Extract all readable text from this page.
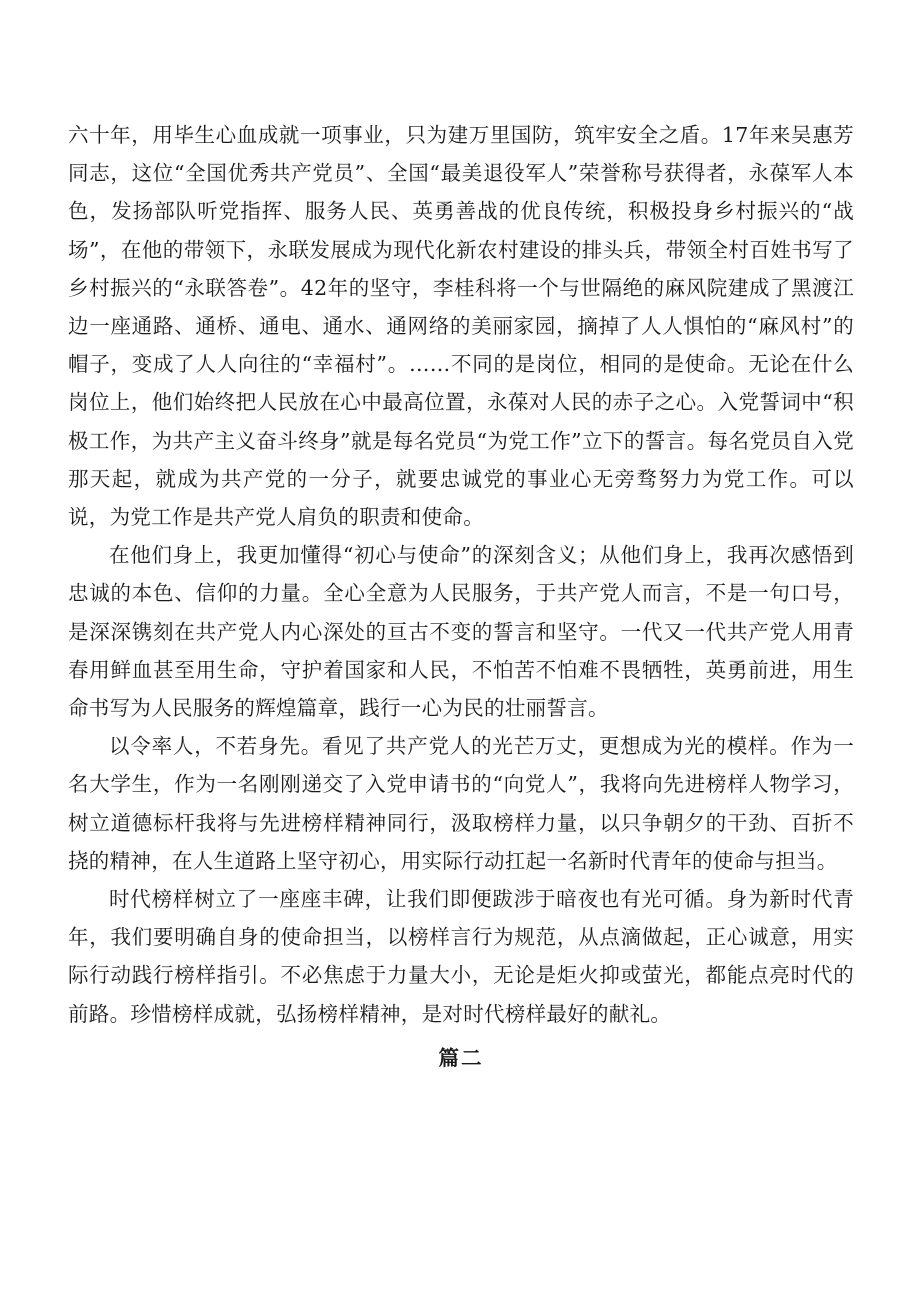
六十年，用毕生心血成就一项事业，只为建万里国防，筑牢安全之盾。17年来吴惠芳同志，这位“全国优秀共产党员”、全国“最美退役军人”荣誉称号获得者，永葆军人本色，发扬部队听党指挥、服务人民、英勇善战的优良传统，积极投身乡村振兴的“战场”，在他的带领下，永联发展成为现代化新农村建设的排头兵，带领全村百姓书写了乡村振兴的“永联答卷”。42年的坚守，李桂科将一个与世隔绝的麻风院建成了黑渡江边一座通路、通桥、通电、通水、通网络的美丽家园，摘掉了人人惧怕的“麻风村”的帽子，变成了人人向往的“幸福村”。……不同的是岗位，相同的是使命。无论在什么岗位上，他们始终把人民放在心中最高位置，永葆对人民的赤子之心。入党誓词中“积极工作，为共产主义奋斗终身”就是每名党员“为党工作”立下的誓言。每名党员自入党那天起，就成为共产党的一分子，就要忠诚党的事业心无旁骛努力为党工作。可以说，为党工作是共产党人肩负的职责和使命。

在他们身上，我更加懂得“初心与使命”的深刻含义；从他们身上，我再次感悟到忠诚的本色、信仰的力量。全心全意为人民服务，于共产党人而言，不是一句口号，是深深镌刻在共产党人内心深处的亘古不变的誓言和坚守。一代又一代共产党人用青春用鲜血甚至用生命，守护着国家和人民，不怕苦不怕难不畏牺牲，英勇前进，用生命书写为人民服务的辉煌篇章，践行一心为民的壮丽誓言。

以令率人，不若身先。看见了共产党人的光芒万丈，更想成为光的模样。作为一名大学生，作为一名刚刚递交了入党申请书的“向党人”，我将向先进榜样人物学习，树立道德标杆我将与先进榜样精神同行，汲取榜样力量，以只争朝夕的干劲、百折不挠的精神，在人生道路上坚守初心，用实际行动扛起一名新时代青年的使命与担当。

时代榜样树立了一座座丰碑，让我们即便跋涉于暗夜也有光可循。身为新时代青年，我们要明确自身的使命担当，以榜样言行为规范，从点滴做起，正心诚意，用实际行动践行榜样指引。不必焦虑于力量大小，无论是炬火抑或萤光，都能点亮时代的前路。珍惜榜样成就，弘扬榜样精神，是对时代榜样最好的献礼。

篇二
